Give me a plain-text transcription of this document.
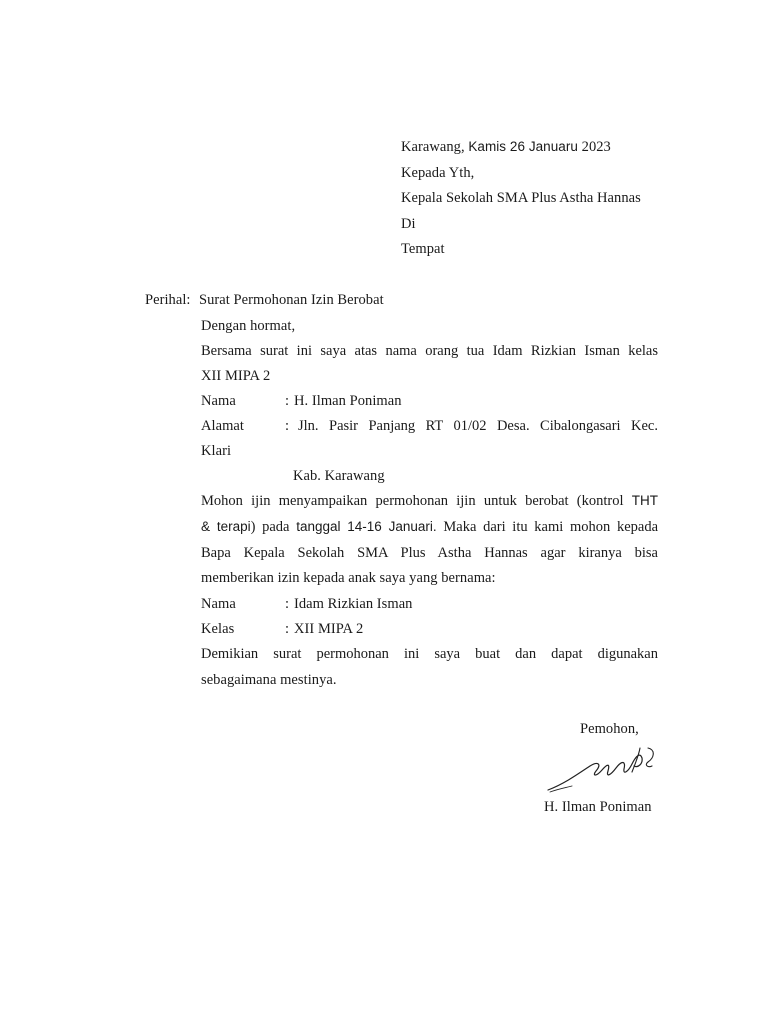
Karawang, Kamis 26 Januaru 2023
Kepada Yth,
Kepala Sekolah SMA Plus Astha Hannas
Di
Tempat
Perihal: Surat Permohonan Izin Berobat
Dengan hormat,
Bersama surat ini saya atas nama orang tua Idam Rizkian Isman kelas
XII MIPA 2
Nama	: H. Ilman Poniman
Alamat	: Jln. Pasir Panjang RT 01/02 Desa. Cibalongasari Kec.
Klari
Kab. Karawang
Mohon ijin menyampaikan permohonan ijin untuk berobat (kontrol THT
& terapi) pada tanggal 14-16 Januari. Maka dari itu kami mohon kepada
Bapa Kepala Sekolah SMA Plus Astha Hannas agar kiranya bisa
memberikan izin kepada anak saya yang bernama:
Nama	: Idam Rizkian Isman
Kelas	: XII MIPA 2
Demikian surat permohonan ini saya buat dan dapat digunakan
sebagaimana mestinya.
Pemohon,
H. Ilman Poniman
